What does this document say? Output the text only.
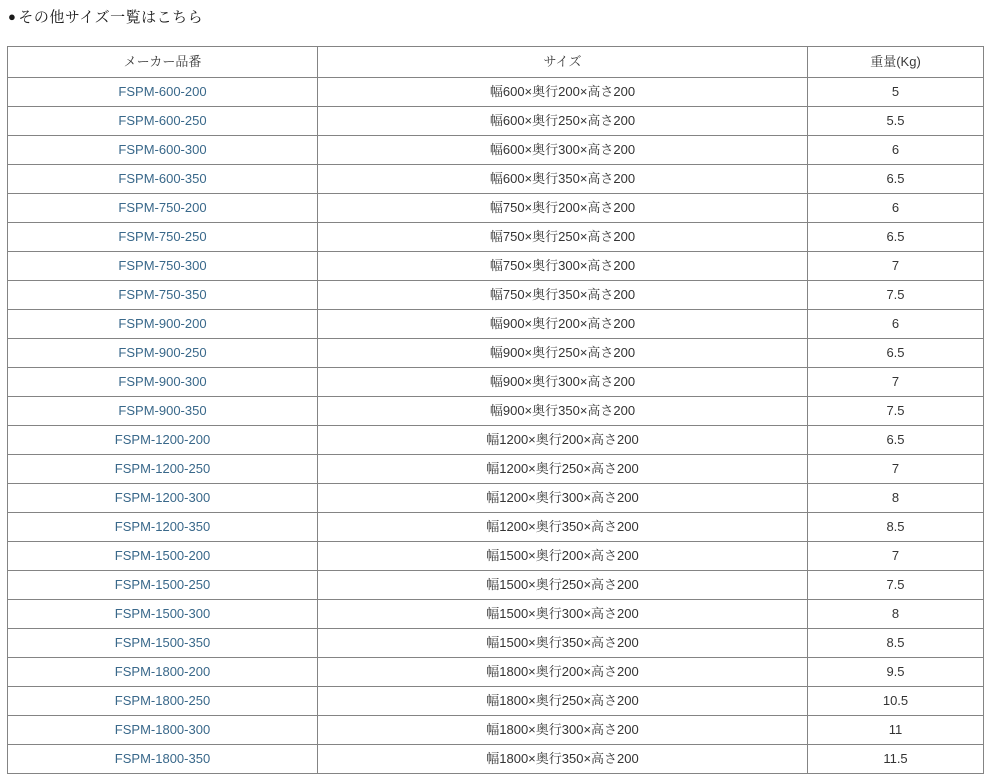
● その他サイズ一覧はこちら

メーカー品番	サイズ	重量(Kg)
FSPM-600-200	幅600×奥行200×高さ200	5
FSPM-600-250	幅600×奥行250×高さ200	5.5
FSPM-600-300	幅600×奥行300×高さ200	6
FSPM-600-350	幅600×奥行350×高さ200	6.5
FSPM-750-200	幅750×奥行200×高さ200	6
FSPM-750-250	幅750×奥行250×高さ200	6.5
FSPM-750-300	幅750×奥行300×高さ200	7
FSPM-750-350	幅750×奥行350×高さ200	7.5
FSPM-900-200	幅900×奥行200×高さ200	6
FSPM-900-250	幅900×奥行250×高さ200	6.5
FSPM-900-300	幅900×奥行300×高さ200	7
FSPM-900-350	幅900×奥行350×高さ200	7.5
FSPM-1200-200	幅1200×奥行200×高さ200	6.5
FSPM-1200-250	幅1200×奥行250×高さ200	7
FSPM-1200-300	幅1200×奥行300×高さ200	8
FSPM-1200-350	幅1200×奥行350×高さ200	8.5
FSPM-1500-200	幅1500×奥行200×高さ200	7
FSPM-1500-250	幅1500×奥行250×高さ200	7.5
FSPM-1500-300	幅1500×奥行300×高さ200	8
FSPM-1500-350	幅1500×奥行350×高さ200	8.5
FSPM-1800-200	幅1800×奥行200×高さ200	9.5
FSPM-1800-250	幅1800×奥行250×高さ200	10.5
FSPM-1800-300	幅1800×奥行300×高さ200	11
FSPM-1800-350	幅1800×奥行350×高さ200	11.5
